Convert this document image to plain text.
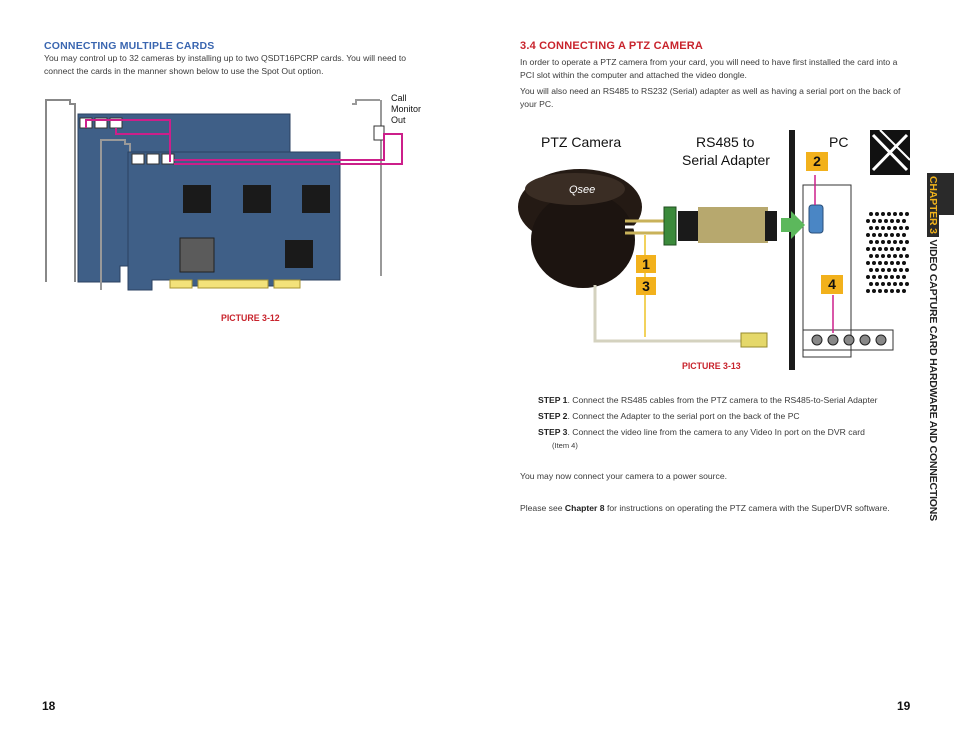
CONNECTING MULTIPLE CARDS
You may control up to 32 cameras by installing up to two QSDT16PCRP cards. You will need to connect the cards in the manner shown below to use the Spot Out option.
Call
Monitor
Out
PICTURE 3-12
18
3.4 CONNECTING A PTZ CAMERA
In order to operate a PTZ camera from your card, you will need to have first installed the card into a PCI slot within the computer and attached the video dongle.
You will also need an RS485 to RS232 (Serial) adapter as well as having a serial port on the back of your PC.
PTZ Camera	RS485 to
Serial Adapter
PC
Qsee
1
2
3	4
PICTURE 3-13
STEP 1. Connect the RS485 cables from the PTZ camera to the RS485-to-Serial Adapter
STEP 2. Connect the Adapter to the serial port on the back of the PC
STEP 3. Connect the video line from the camera to any Video In port on the DVR card
(Item 4)
You may now connect your camera to a power source.
Please see Chapter 8 for instructions on operating the PTZ camera with the SuperDVR software.
19
CHAPTER 3 VIDEO CAPTURE CARD HARDWARE AND CONNECTIONS
